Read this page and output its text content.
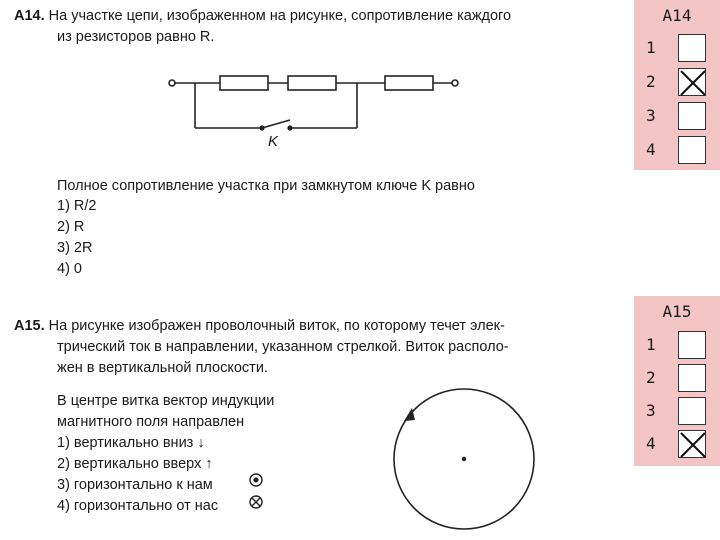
А14. На участке цепи, изображенном на рисунке, сопротивление каждого
из резисторов равно R.
K
Полное сопротивление участка при замкнутом ключе K равно
1) R/2
2) R
3) 2R
4) 0
А15. На рисунке изображен проволочный виток, по которому течет элек-
трический ток в направлении, указанном стрелкой. Виток располо-
жен в вертикальной плоскости.
В центре витка вектор индукции
магнитного поля направлен
1) вертикально вниз ↓
2) вертикально вверх ↑
3) горизонтально к нам
4) горизонтально от нас
А14
1
2
3
4
А15
1
2
3
4
